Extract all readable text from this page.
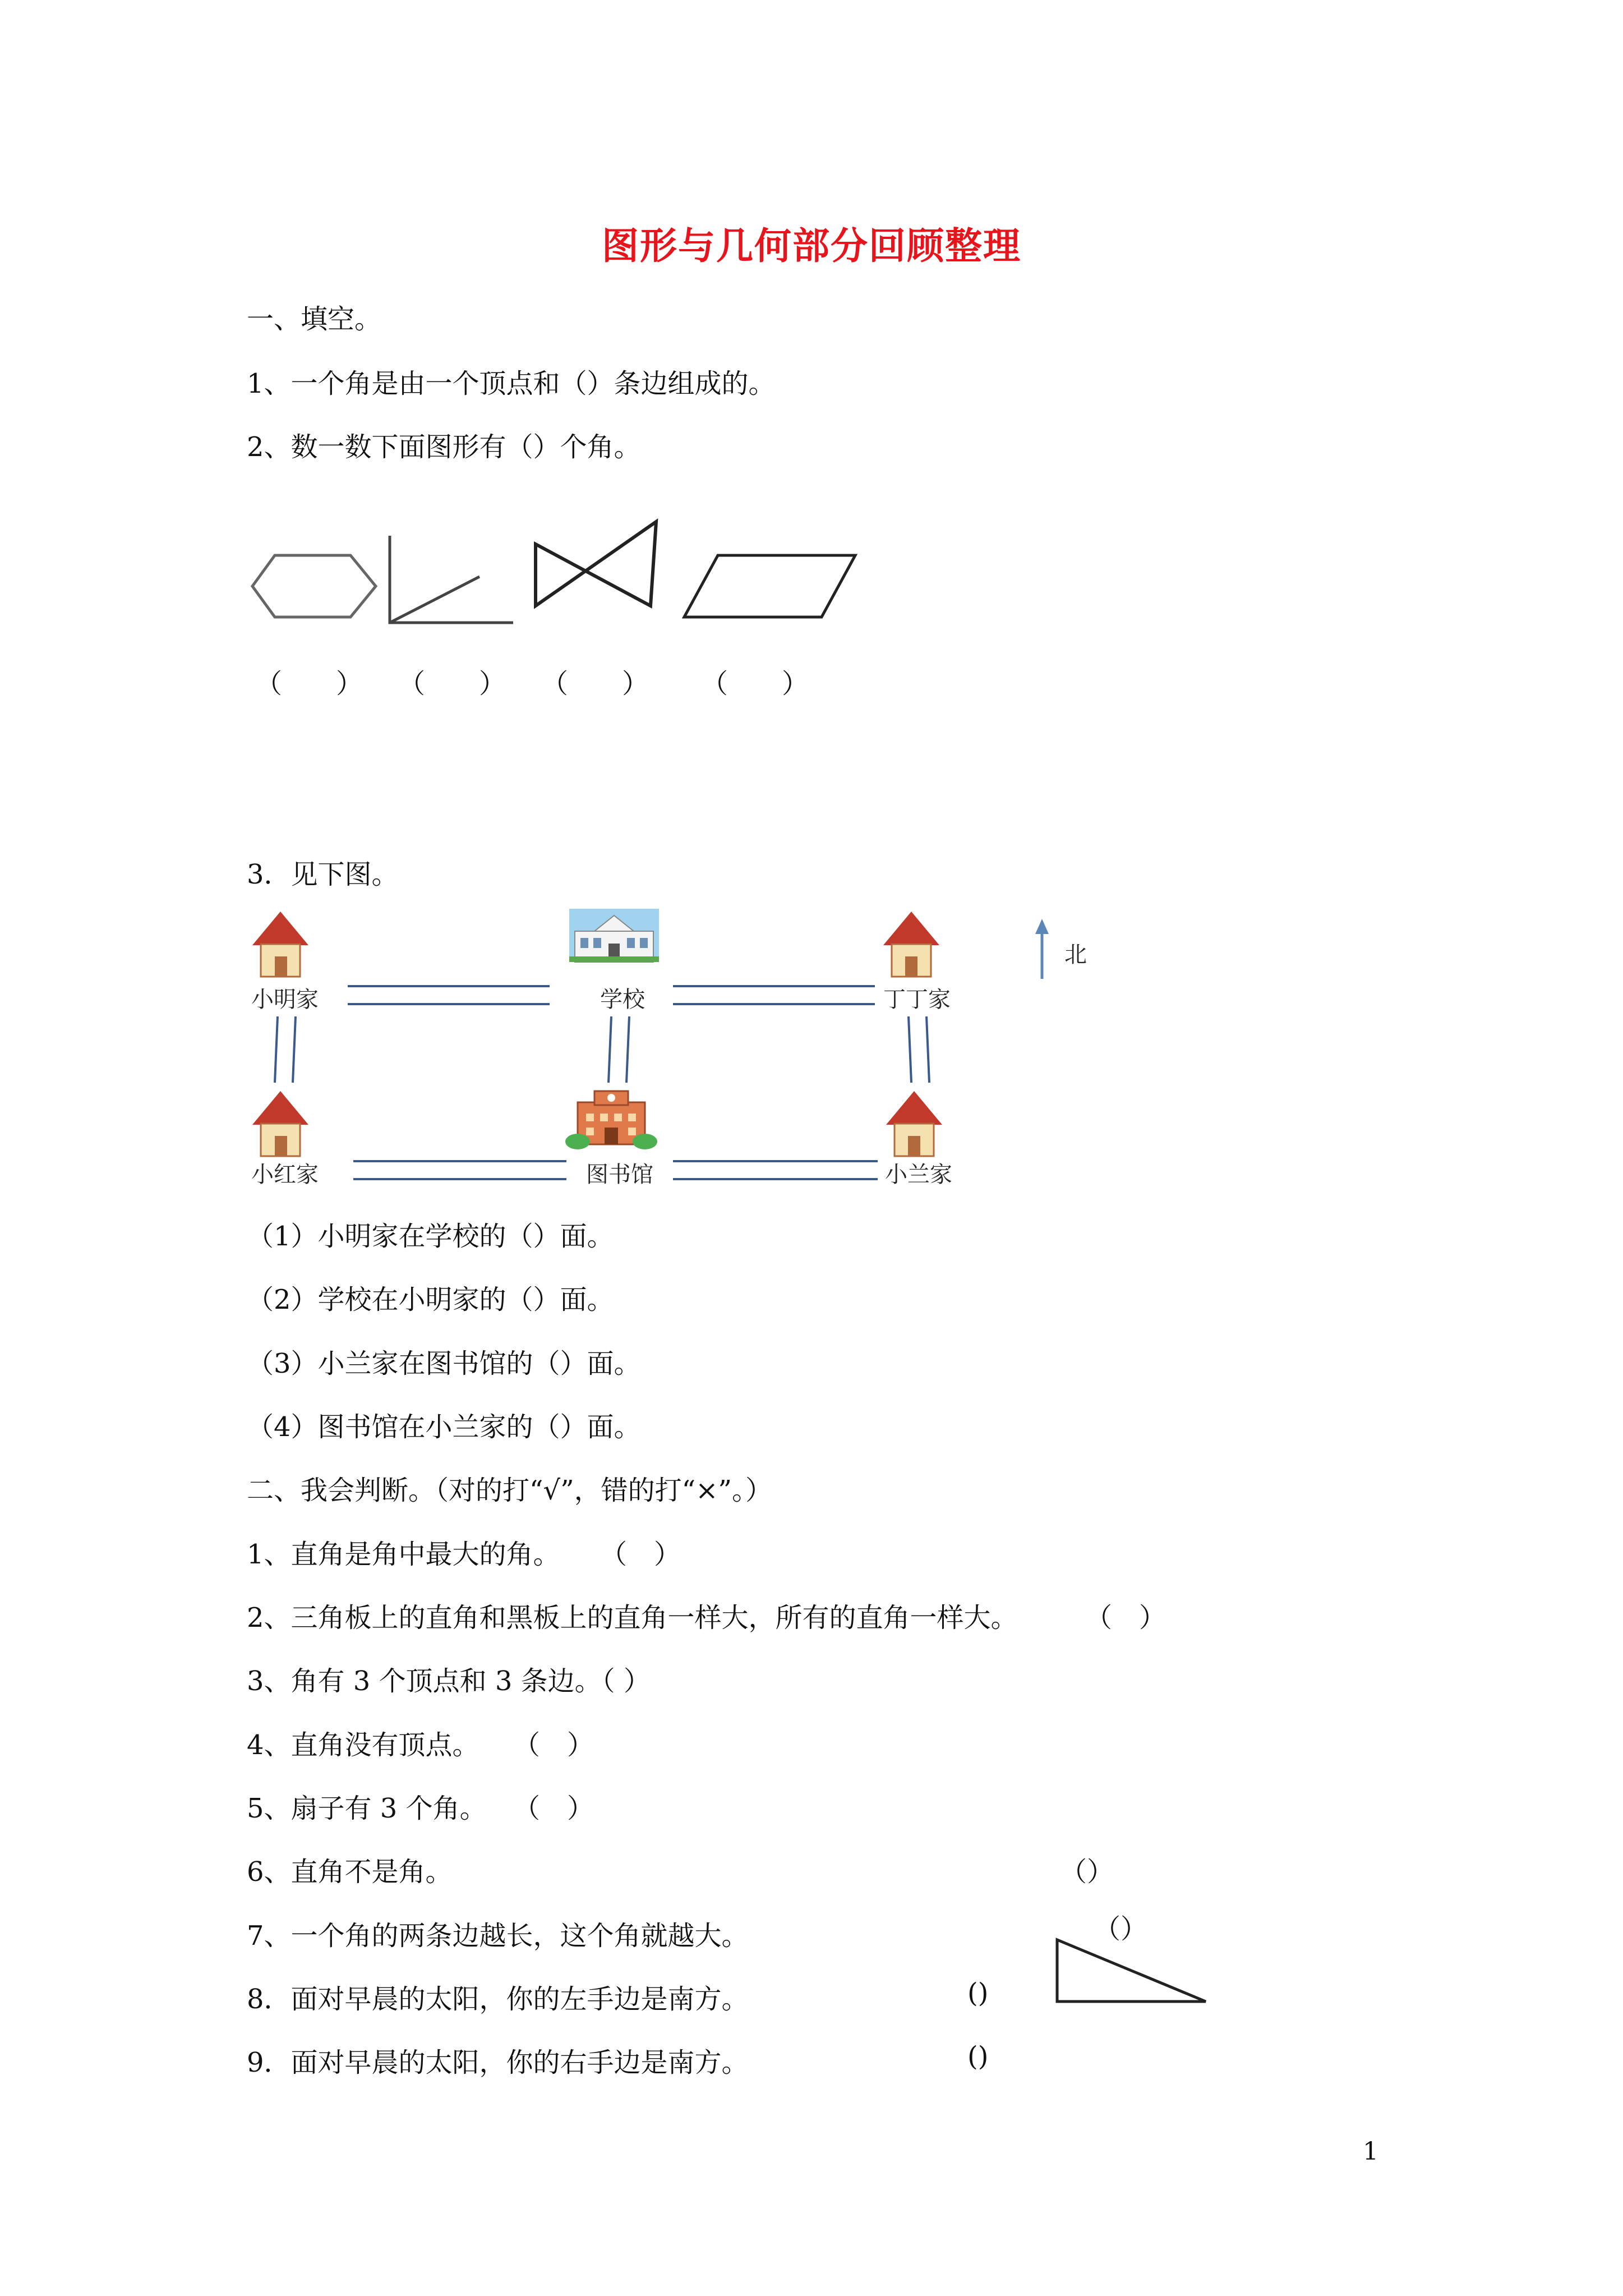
图形与几何部分回顾整理
一、填空。
1、一个角是由一个顶点和（）条边组成的。
2、数一数下面图形有（）个角。
（　　） （　　） （　　） （　　）
3．见下图。
小明家	学校	丁丁家
小红家	图书馆	小兰家
北
（1）小明家在学校的（）面。
（2）学校在小明家的（）面。
（3）小兰家在图书馆的（）面。
（4）图书馆在小兰家的（）面。
二、我会判断。（对的打“√”，错的打“×”。）
1、直角是角中最大的角。 （　）
2、三角板上的直角和黑板上的直角一样大，所有的直角一样大。	（　）
3、角有 3 个顶点和 3 条边。（ ）
4、直角没有顶点。 （　）
5、扇子有 3 个角。 （　）
6、直角不是角。	（）
7、一个角的两条边越长，这个角就越大。	（）
8．面对早晨的太阳，你的左手边是南方。	()
9．面对早晨的太阳，你的右手边是南方。	()
1
